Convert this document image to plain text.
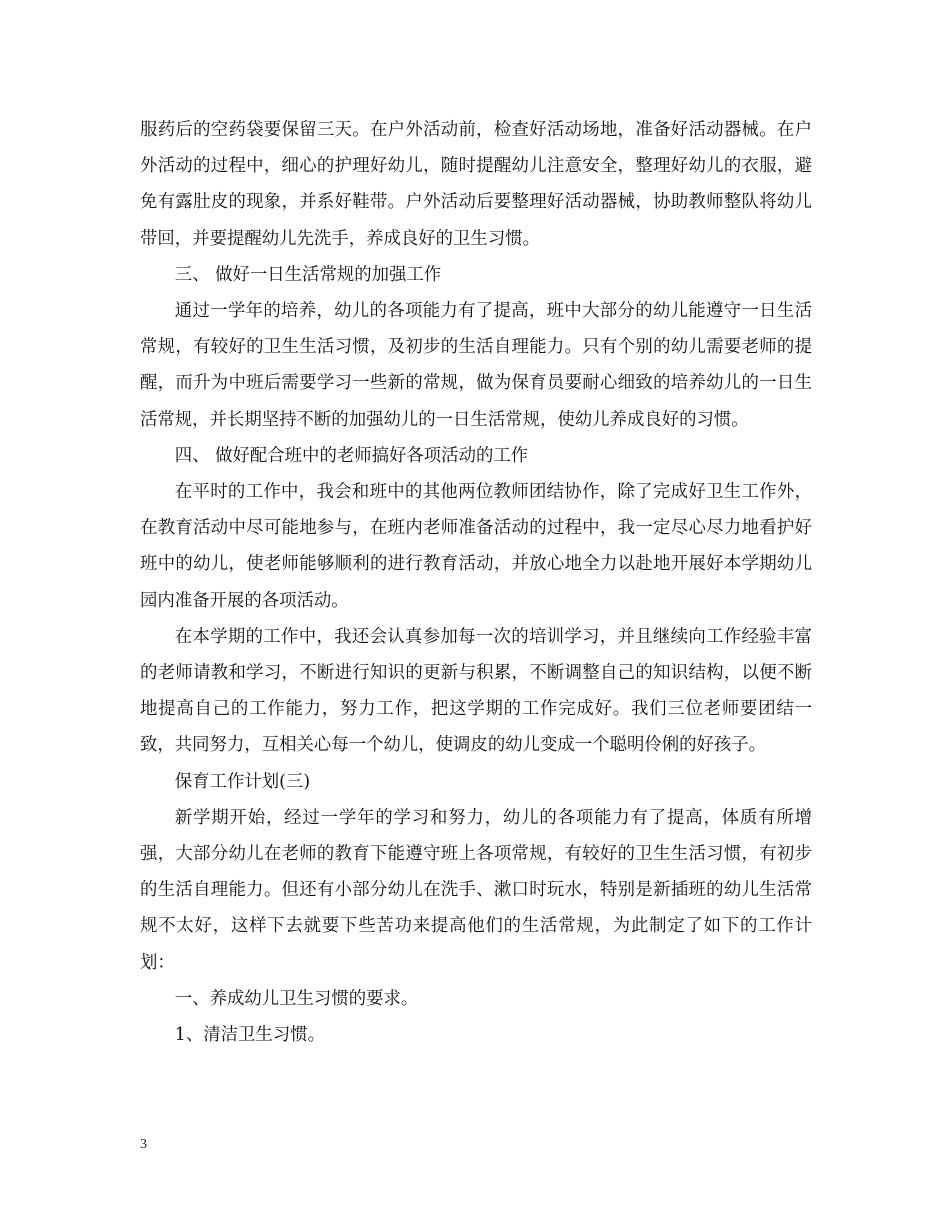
服药后的空药袋要保留三天。在户外活动前，检查好活动场地，准备好活动器械。在户外活动的过程中，细心的护理好幼儿，随时提醒幼儿注意安全，整理好幼儿的衣服，避免有露肚皮的现象，并系好鞋带。户外活动后要整理好活动器械，协助教师整队将幼儿带回，并要提醒幼儿先洗手，养成良好的卫生习惯。

三、 做好一日生活常规的加强工作

通过一学年的培养，幼儿的各项能力有了提高，班中大部分的幼儿能遵守一日生活常规，有较好的卫生生活习惯，及初步的生活自理能力。只有个别的幼儿需要老师的提醒，而升为中班后需要学习一些新的常规，做为保育员要耐心细致的培养幼儿的一日生活常规，并长期坚持不断的加强幼儿的一日生活常规，使幼儿养成良好的习惯。

四、 做好配合班中的老师搞好各项活动的工作

在平时的工作中，我会和班中的其他两位教师团结协作，除了完成好卫生工作外，在教育活动中尽可能地参与，在班内老师准备活动的过程中，我一定尽心尽力地看护好班中的幼儿，使老师能够顺利的进行教育活动，并放心地全力以赴地开展好本学期幼儿园内准备开展的各项活动。

在本学期的工作中，我还会认真参加每一次的培训学习，并且继续向工作经验丰富的老师请教和学习，不断进行知识的更新与积累，不断调整自己的知识结构，以便不断地提高自己的工作能力，努力工作，把这学期的工作完成好。我们三位老师要团结一致，共同努力，互相关心每一个幼儿，使调皮的幼儿变成一个聪明伶俐的好孩子。

保育工作计划(三)

新学期开始，经过一学年的学习和努力，幼儿的各项能力有了提高，体质有所增强，大部分幼儿在老师的教育下能遵守班上各项常规，有较好的卫生生活习惯，有初步的生活自理能力。但还有小部分幼儿在洗手、漱口时玩水，特别是新插班的幼儿生活常规不太好，这样下去就要下些苦功来提高他们的生活常规，为此制定了如下的工作计划：

一、养成幼儿卫生习惯的要求。

1、清洁卫生习惯。

3
